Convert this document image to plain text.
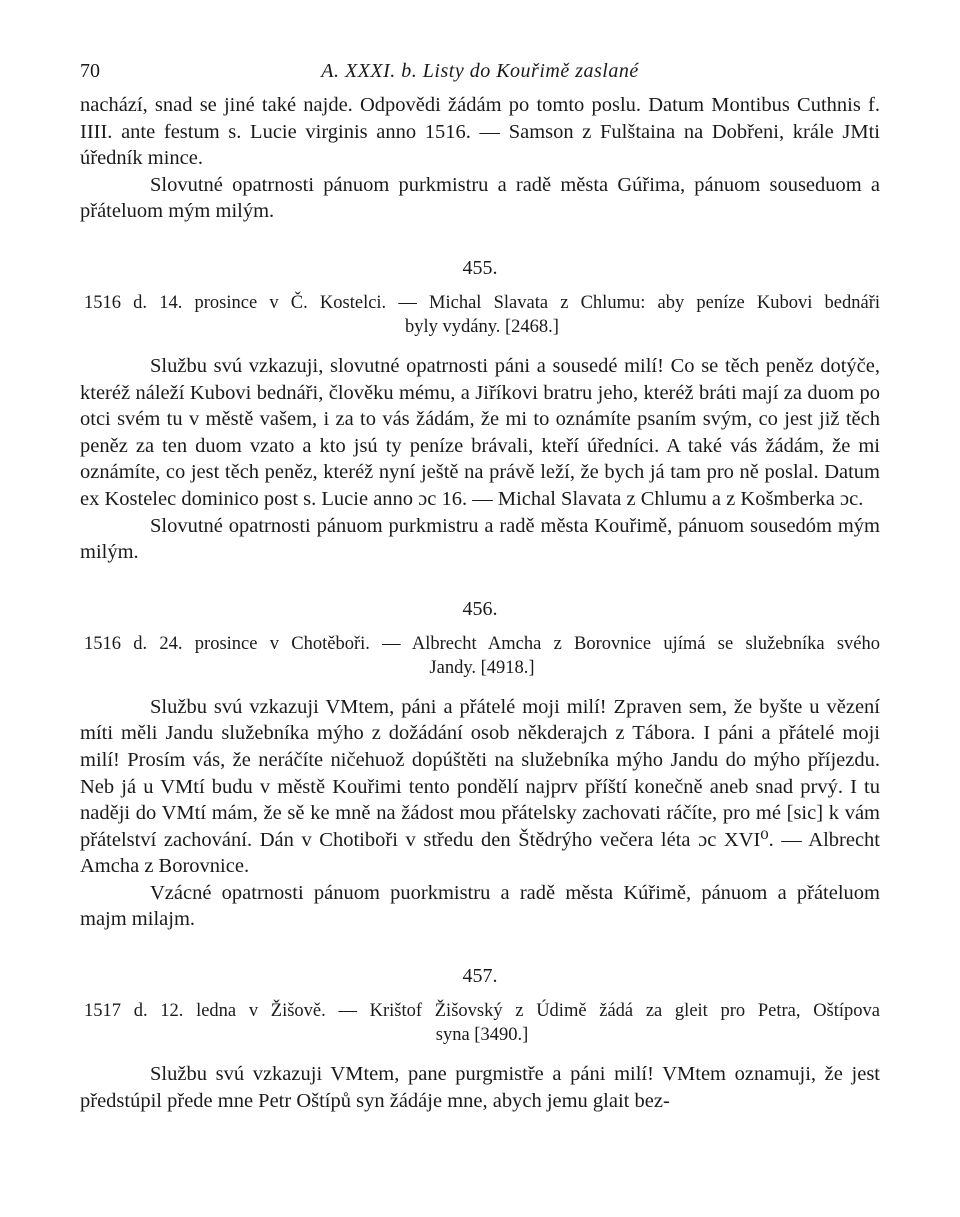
70	A. XXXI. b. Listy do Kouřimě zaslané

nachází, snad se jiné také najde. Odpovědi žádám po tomto poslu. Datum Montibus Cuthnis f. IIII. ante festum s. Lucie virginis anno 1516. — Samson z Fulštaina na Dobřeni, krále JMti úředník mince.

Slovutné opatrnosti pánuom purkmistru a radě města Gúřima, pánuom souseduom a přáteluom mým milým.

455.
1516 d. 14. prosince v Č. Kostelci. — Michal Slavata z Chlumu: aby peníze Kubovi bednáři
byly vydány. [2468.]

Službu svú vzkazuji, slovutné opatrnosti páni a sousedé milí! Co se těch peněz dotýče, kteréž náleží Kubovi bednáři, člověku mému, a Jiříkovi bratru jeho, kteréž bráti mají za duom po otci svém tu v městě vašem, i za to vás žádám, že mi to oznámíte psaním svým, co jest již těch peněz za ten duom vzato a kto jsú ty peníze brávali, kteří úředníci. A také vás žádám, že mi oznámíte, co jest těch peněz, kteréž nyní ještě na právě leží, že bych já tam pro ně poslal. Datum ex Kostelec dominico post s. Lucie anno ɔc 16. — Michal Slavata z Chlumu a z Košmberka ɔc.

Slovutné opatrnosti pánuom purkmistru a radě města Kouřimě, pánuom sousedóm mým milým.

456.
1516 d. 24. prosince v Chotěboři. — Albrecht Amcha z Borovnice ujímá se služebníka svého
Jandy. [4918.]

Službu svú vzkazuji VMtem, páni a přátelé moji milí! Zpraven sem, že byšte u vězení míti měli Jandu služebníka mýho z dožádání osob někderajch z Tábora. I páni a přátelé moji milí! Prosím vás, že neráčíte ničehuož dopúštěti na služebníka mýho Jandu do mýho příjezdu. Neb já u VMtí budu v městě Kouřimi tento pondělí najprv příští konečně aneb snad prvý. I tu naději do VMtí mám, že sě ke mně na žádost mou přátelsky zachovati ráčíte, pro mé [sic] k vám přátelství zachování. Dán v Chotiboři v středu den Štědrýho večera léta ɔc XVI⁰. — Albrecht Amcha z Borovnice.

Vzácné opatrnosti pánuom puorkmistru a radě města Kúřimě, pánuom a přáteluom majm milajm.

457.
1517 d. 12. ledna v Žišově. — Krištof Žišovský z Údimě žádá za gleit pro Petra, Oštípova
syna [3490.]

Službu svú vzkazuji VMtem, pane purgmistře a páni milí! VMtem oznamuji, že jest předstúpil přede mne Petr Oštípů syn žádáje mne, abych jemu glait bez-
